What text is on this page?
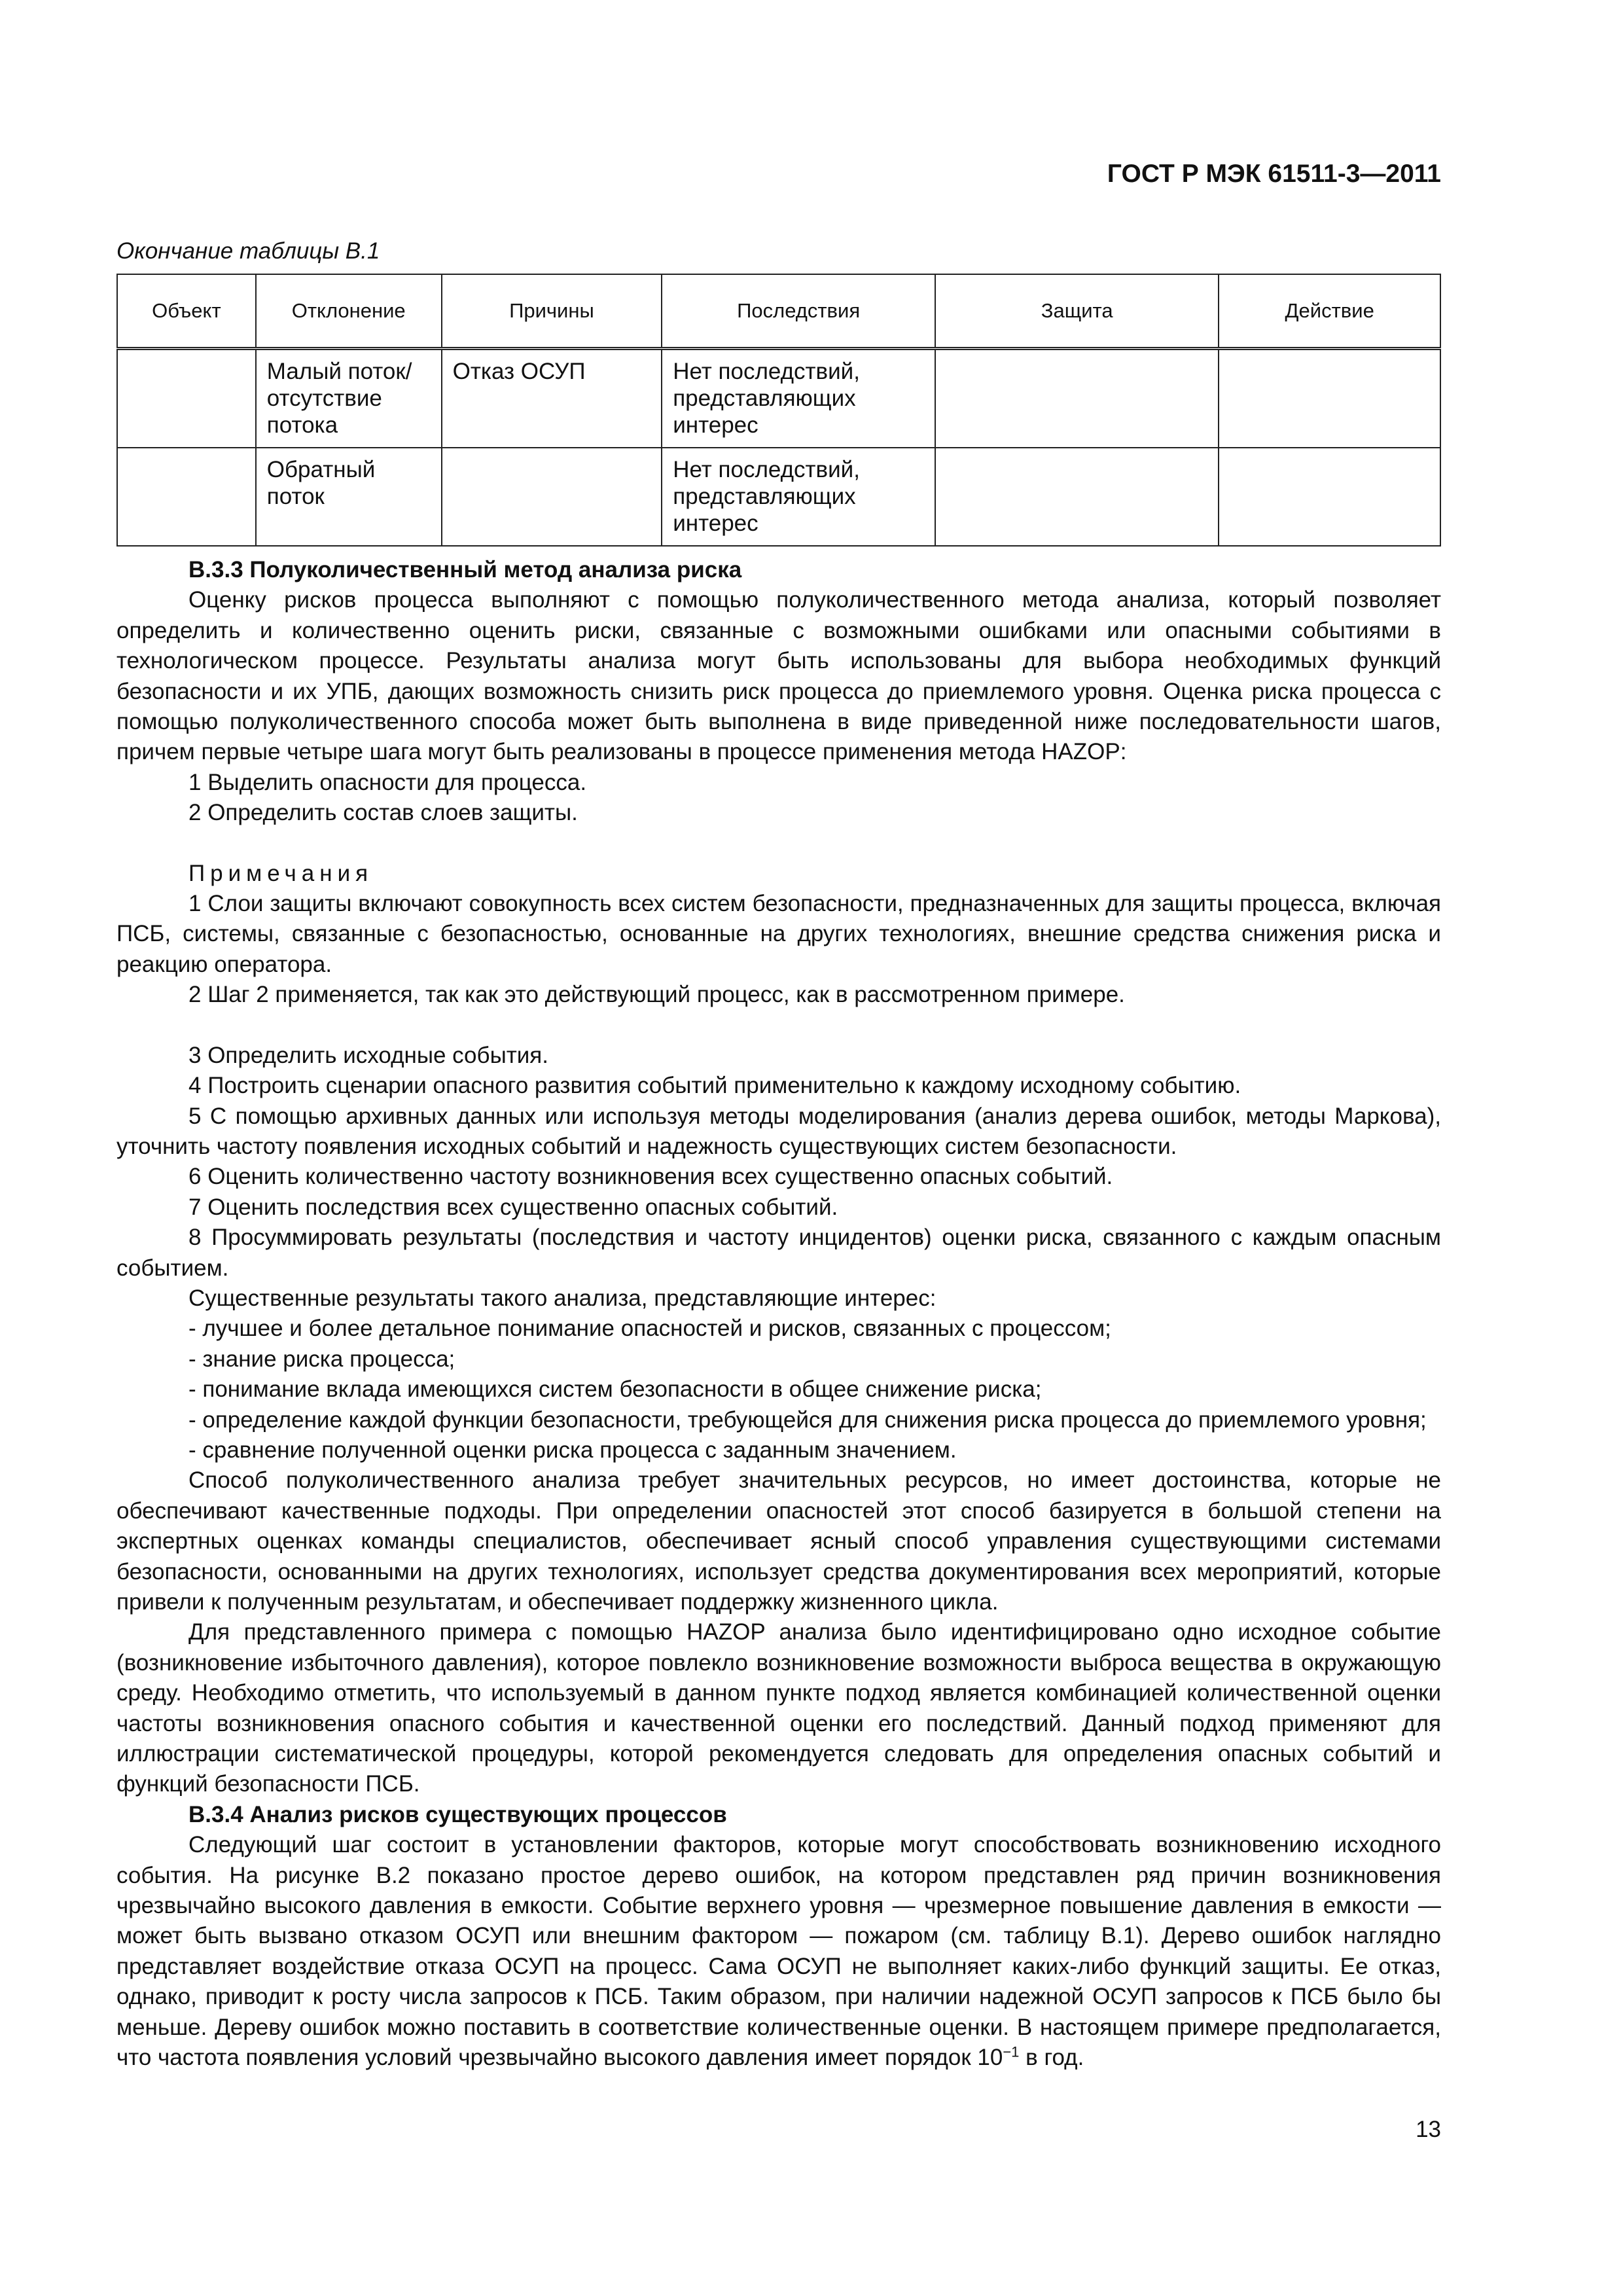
ГОСТ Р МЭК 61511-3—2011
Окончание таблицы В.1
Объект	Отклонение	Причины	Последствия	Защита	Действие
	Малый поток/ отсутствие потока	Отказ ОСУП	Нет последствий, представляющих интерес		
	Обратный поток		Нет последствий, представляющих интерес		

В.3.3 Полуколичественный метод анализа риска

Оценку рисков процесса выполняют с помощью полуколичественного метода анализа, который позволяет определить и количественно оценить риски, связанные с возможными ошибками или опасными событиями в технологическом процессе. Результаты анализа могут быть использованы для выбора необходимых функций безопасности и их УПБ, дающих возможность снизить риск процесса до приемлемого уровня. Оценка риска процесса с помощью полуколичественного способа может быть выполнена в виде приведенной ниже последовательности шагов, причем первые четыре шага могут быть реализованы в процессе применения метода HAZOP:

1 Выделить опасности для процесса.

2 Определить состав слоев защиты.

Примечания

1 Слои защиты включают совокупность всех систем безопасности, предназначенных для защиты процесса, включая ПСБ, системы, связанные с безопасностью, основанные на других технологиях, внешние средства снижения риска и реакцию оператора.

2 Шаг 2 применяется, так как это действующий процесс, как в рассмотренном примере.

3 Определить исходные события.

4 Построить сценарии опасного развития событий применительно к каждому исходному событию.

5 С помощью архивных данных или используя методы моделирования (анализ дерева ошибок, методы Маркова), уточнить частоту появления исходных событий и надежность существующих систем безопасности.

6 Оценить количественно частоту возникновения всех существенно опасных событий.

7 Оценить последствия всех существенно опасных событий.

8 Просуммировать результаты (последствия и частоту инцидентов) оценки риска, связанного с каждым опасным событием.

Существенные результаты такого анализа, представляющие интерес:

- лучшее и более детальное понимание опасностей и рисков, связанных с процессом;

- знание риска процесса;

- понимание вклада имеющихся систем безопасности в общее снижение риска;

- определение каждой функции безопасности, требующейся для снижения риска процесса до приемлемого уровня;

- сравнение полученной оценки риска процесса с заданным значением.

Способ полуколичественного анализа требует значительных ресурсов, но имеет достоинства, которые не обеспечивают качественные подходы. При определении опасностей этот способ базируется в большой степени на экспертных оценках команды специалистов, обеспечивает ясный способ управления существующими системами безопасности, основанными на других технологиях, использует средства документирования всех мероприятий, которые привели к полученным результатам, и обеспечивает поддержку жизненного цикла.

Для представленного примера с помощью HAZOP анализа было идентифицировано одно исходное событие (возникновение избыточного давления), которое повлекло возникновение возможности выброса вещества в окружающую среду. Необходимо отметить, что используемый в данном пункте подход является комбинацией количественной оценки частоты возникновения опасного события и качественной оценки его последствий. Данный подход применяют для иллюстрации систематической процедуры, которой рекомендуется следовать для определения опасных событий и функций безопасности ПСБ.

В.3.4 Анализ рисков существующих процессов

Следующий шаг состоит в установлении факторов, которые могут способствовать возникновению исходного события. На рисунке В.2 показано простое дерево ошибок, на котором представлен ряд причин возникновения чрезвычайно высокого давления в емкости. Событие верхнего уровня — чрезмерное повышение давления в емкости — может быть вызвано отказом ОСУП или внешним фактором — пожаром (см. таблицу В.1). Дерево ошибок наглядно представляет воздействие отказа ОСУП на процесс. Сама ОСУП не выполняет каких-либо функций защиты. Ее отказ, однако, приводит к росту числа запросов к ПСБ. Таким образом, при наличии надежной ОСУП запросов к ПСБ было бы меньше. Дереву ошибок можно поставить в соответствие количественные оценки. В настоящем примере предполагается, что частота появления условий чрезвычайно высокого давления имеет порядок $10^{-1}$ в год.

13
